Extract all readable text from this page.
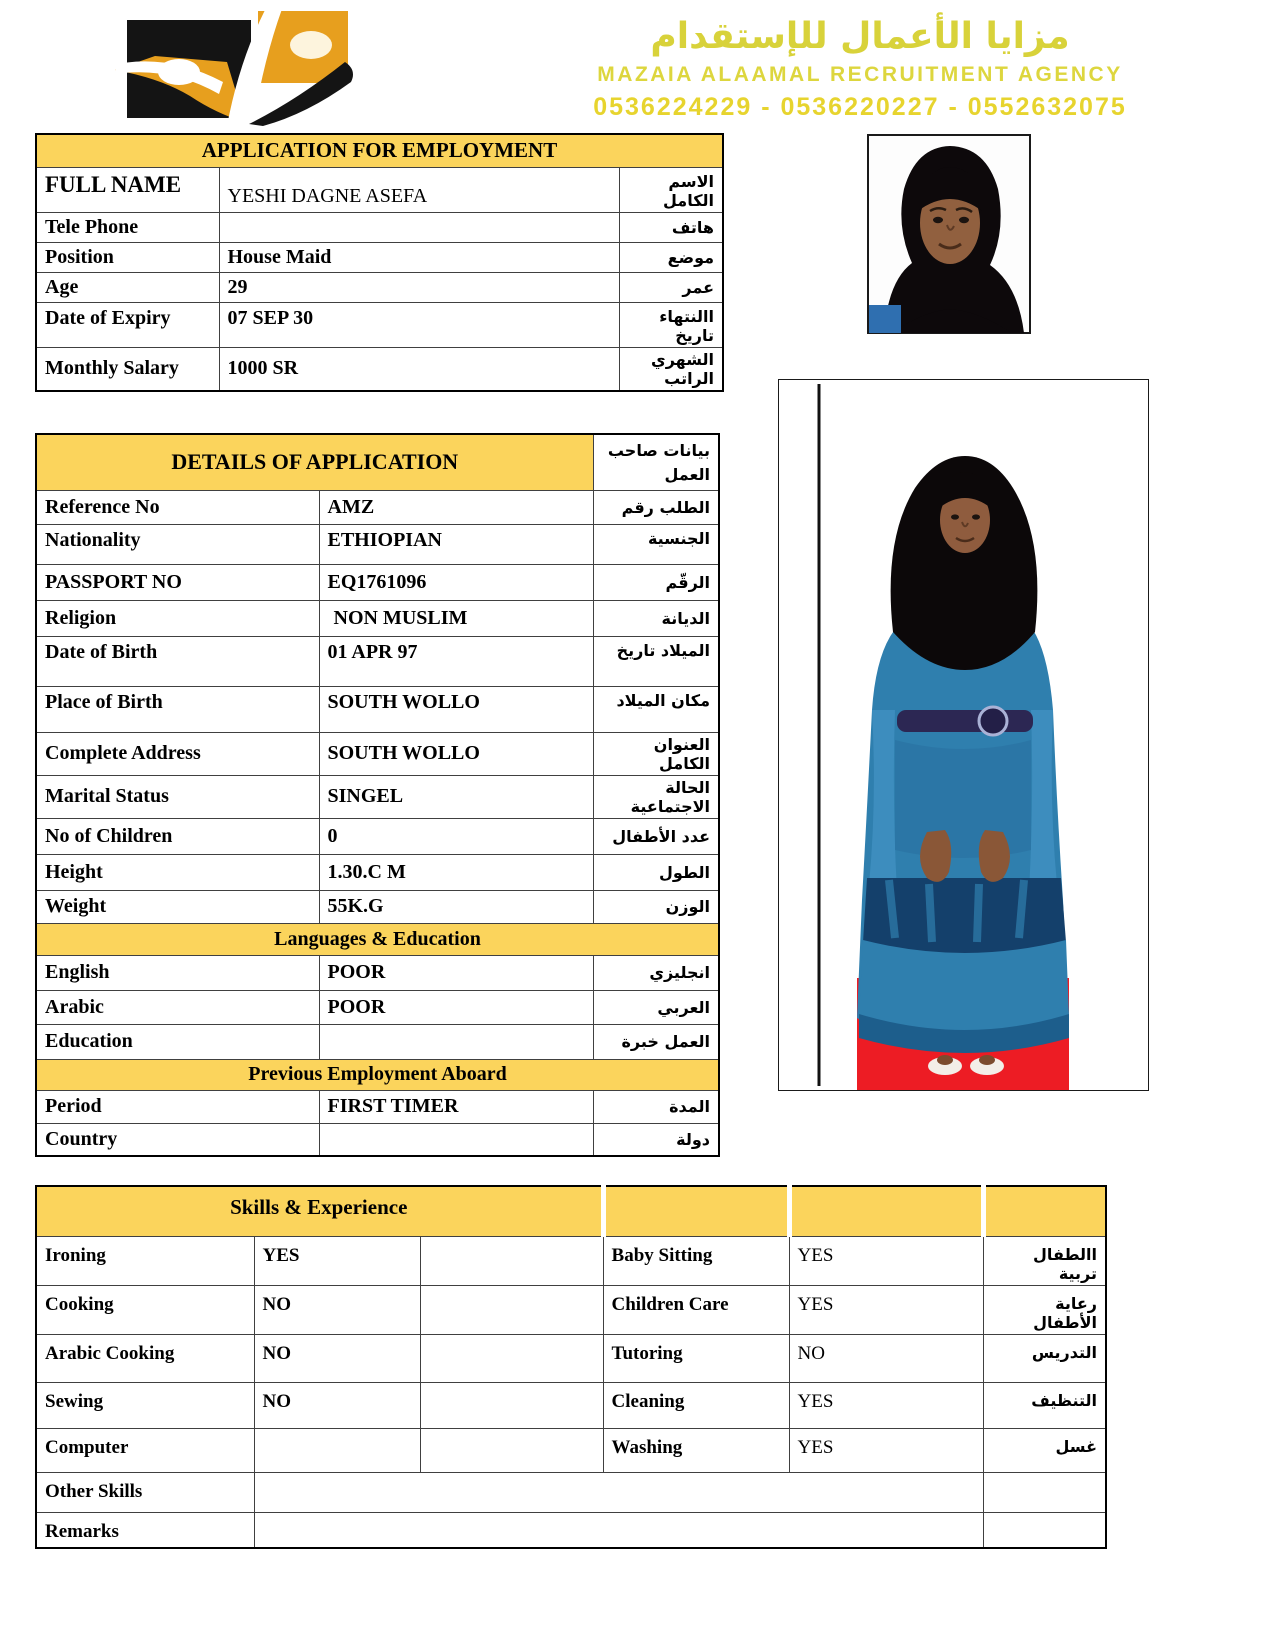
مزايا الأعمال للإستقدام
MAZAIA ALAAMAL RECRUITMENT AGENCY
0536224229 - 0536220227 - 0552632075
APPLICATION FOR EMPLOYMENT		
FULL NAME	YESHI DAGNE ASEFA	الاسم الكامل
Tele Phone		هاتف
Position	House Maid	موضع
Age	29	عمر
Date of Expiry	07 SEP 30	االنتهاء تاريخ
Monthly Salary	1000 SR	الشهري الراتب
DETAILS OF APPLICATION		بيانات صاحب العمل
Reference No	AMZ	الطلب رقم
Nationality	ETHIOPIAN	الجنسية
PASSPORT NO	EQ1761096	الرقّم
Religion	NON MUSLIM	الديانة
Date of Birth	01 APR 97	الميلاد تاريخ
Place of Birth	SOUTH WOLLO	مكان الميلاد
Complete Address	SOUTH WOLLO	العنوان الكامل
Marital Status	SINGEL	الحالة الاجتماعية
No of Children	0	عدد الأطفال
Height	1.30.C M	الطول
Weight	55K.G	الوزن
Languages & Education		
English	POOR	انجليزي
Arabic	POOR	العربي
Education		العمل خبرة
Previous Employment Aboard		
Period	FIRST TIMER	المدة
Country		دولة
Skills & Experience					
Ironing	YES		Baby Sitting	YES	االطفال تربية
Cooking	NO		Children Care	YES	رعاية الأطفال
Arabic Cooking	NO		Tutoring	NO	التدريس
Sewing	NO		Cleaning	YES	التنظيف
Computer			Washing	YES	غسل
Other Skills					
Remarks					
